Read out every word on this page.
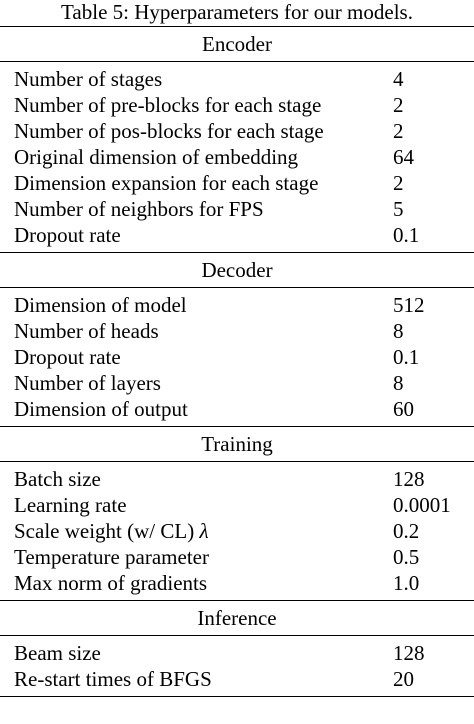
Table 5: Hyperparameters for our models.
Encoder
Number of stages	4
Number of pre-blocks for each stage	2
Number of pos-blocks for each stage	2
Original dimension of embedding	64
Dimension expansion for each stage	2
Number of neighbors for FPS	5
Dropout rate	0.1
Decoder
Dimension of model	512
Number of heads	8
Dropout rate	0.1
Number of layers	8
Dimension of output	60
Training
Batch size	128
Learning rate	0.0001
Scale weight (w/ CL) λ	0.2
Temperature parameter	0.5
Max norm of gradients	1.0
Inference
Beam size	128
Re-start times of BFGS	20
